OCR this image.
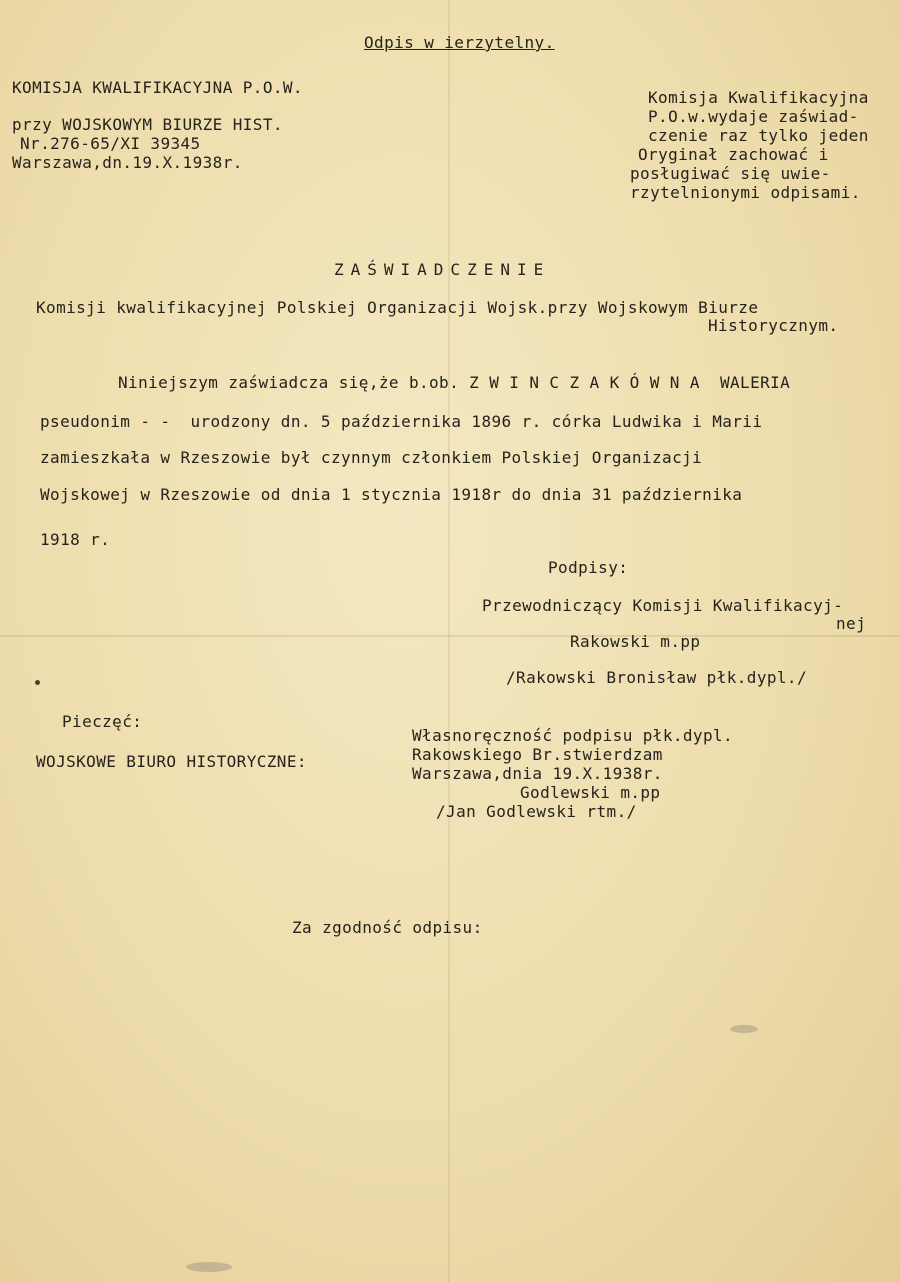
Odpis w ierzytelny.
KOMISJA KWALIFIKACYJNA P.O.W.
przy WOJSKOWYM BIURZE HIST.
Nr.276-65/XI 39345
Warszawa,dn.19.X.1938r.
Komisja Kwalifikacyjna
P.O.w.wydaje zaświad-
czenie raz tylko jeden
Oryginał zachować i
posługiwać się uwie-
rzytelnionymi odpisami.
ZAŚWIADCZENIE
Komisji kwalifikacyjnej Polskiej Organizacji Wojsk.przy Wojskowym Biurze
Historycznym.
Niniejszym zaświadcza się,że b.ob. Z W I N C Z A K Ó W N A  WALERIA
pseudonim - -  urodzony dn. 5 października 1896 r. córka Ludwika i Marii
zamieszkała w Rzeszowie był czynnym członkiem Polskiej Organizacji
Wojskowej w Rzeszowie od dnia 1 stycznia 1918r do dnia 31 października
1918 r.
Podpisy:
Przewodniczący Komisji Kwalifikacyj-
nej
Rakowski m.pp
/Rakowski Bronisław płk.dypl./
Pieczęć:
WOJSKOWE BIURO HISTORYCZNE:
Własnoręczność podpisu płk.dypl.
Rakowskiego Br.stwierdzam
Warszawa,dnia 19.X.1938r.
Godlewski m.pp
/Jan Godlewski rtm./
Za zgodność odpisu:
